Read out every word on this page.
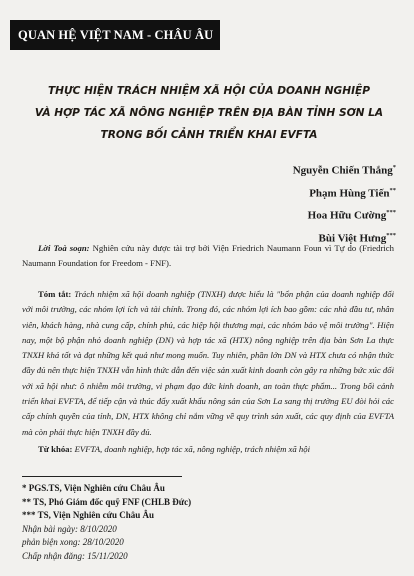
QUAN HỆ VIỆT NAM - CHÂU ÂU
THỰC HIỆN TRÁCH NHIỆM XÃ HỘI CỦA DOANH NGHIỆP
VÀ HỢP TÁC XÃ NÔNG NGHIỆP TRÊN ĐỊA BÀN TỈNH SƠN LA
TRONG BỐI CẢNH TRIỂN KHAI EVFTA
Nguyễn Chiến Thắng*
Phạm Hùng Tiến**
Hoa Hữu Cường***
Bùi Việt Hưng***
Lời Toà soạn: Nghiên cứu này được tài trợ bởi Viện Friedrich Naumann Foun vì Tự do (Friedrich Naumann Foundation for Freedom - FNF).
Tóm tắt: Trách nhiệm xã hội doanh nghiệp (TNXH) được hiểu là "bổn phận của doanh nghiệp đối với môi trường, các nhóm lợi ích và tài chính. Trong đó, các nhóm lợi ích bao gồm: các nhà đầu tư, nhân viên, khách hàng, nhà cung cấp, chính phủ, các hiệp hội thương mại, các nhóm bảo vệ môi trường". Hiện nay, một bộ phận nhỏ doanh nghiệp (DN) và hợp tác xã (HTX) nông nghiệp trên địa bàn Sơn La thực TNXH khá tốt và đạt những kết quả như mong muốn. Tuy nhiên, phần lớn DN và HTX chưa có nhận thức đầy đủ nên thực hiện TNXH vẫn hình thức dẫn đến việc sản xuất kinh doanh còn gây ra những bức xúc đối với xã hội như: ô nhiễm môi trường, vi phạm đạo đức kinh doanh, an toàn thực phẩm... Trong bối cảnh triển khai EVFTA, để tiếp cận và thúc đẩy xuất khẩu nông sản của Sơn La sang thị trường EU đòi hỏi các cấp chính quyền của tỉnh, DN, HTX không chỉ nắm vững về quy trình sản xuất, các quy định của EVFTA mà còn phải thực hiện TNXH đầy đủ.
Từ khóa: EVFTA, doanh nghiệp, hợp tác xã, nông nghiệp, trách nhiệm xã hội
* PGS.TS, Viện Nghiên cứu Châu Âu
** TS, Phó Giám đốc quỹ FNF (CHLB Đức)
*** TS, Viện Nghiên cứu Châu Âu
Nhận bài ngày: 8/10/2020
phản biện xong: 28/10/2020
Chấp nhận đăng: 15/11/2020
